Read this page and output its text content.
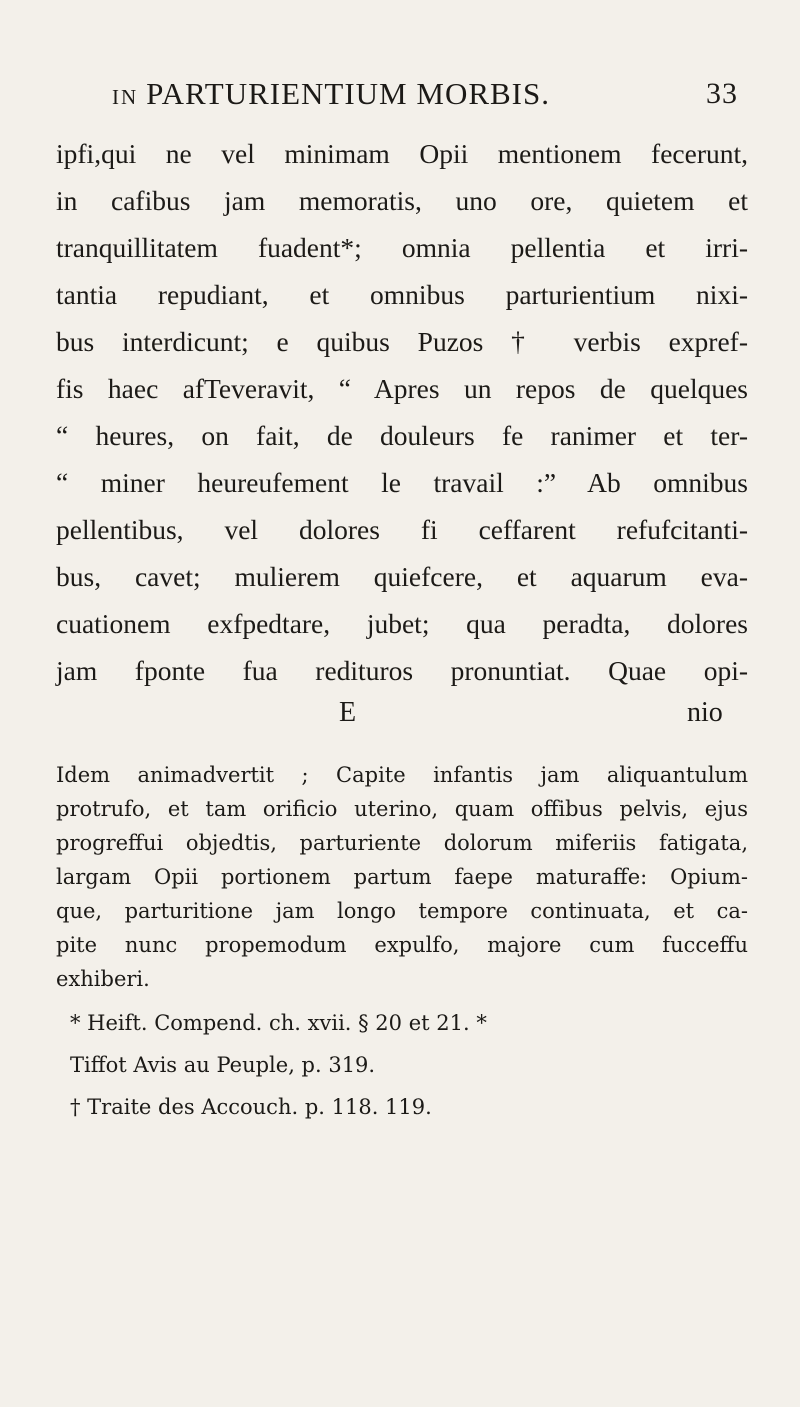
IN PARTURIENTIUM MORBIS.	33
ipfi,qui ne vel minimam Opii mentionem fecerunt,
in cafibus jam memoratis, uno ore, quietem et
tranquillitatem fuadent*; omnia pellentia et irri-
tantia repudiant, et omnibus parturientium nixi-
bus interdicunt; e quibus Puzos † verbis expref-
fis haec afTeveravit, “ Apres un repos de quelques
“ heures, on fait, de douleurs fe ranimer et ter-
“ miner heureufement le travail :” Ab omnibus
pellentibus, vel dolores fi ceffarent refufcitanti-
bus, cavet; mulierem quiefcere, et aquarum eva-
cuationem exfpedtare, jubet; qua peradta, dolores
jam fponte fua redituros pronuntiat. Quae opi-
E	nio
Idem animadvertit ; Capite infantis jam aliquantulum
protrufo, et tam orificio uterino, quam offibus pelvis, ejus
progreffui objedtis, parturiente dolorum miferiis fatigata,
largam Opii portionem partum faepe maturaffe: Opium-
que, parturitione jam longo tempore continuata, et ca-
pite nunc propemodum expulfo, majore cum fucceffu
exhiberi.
* Heift. Compend. ch. xvii. § 20 et 21. *
Tiffot Avis au Peuple, p. 319.
† Traite des Accouch. p. 118. 119.
